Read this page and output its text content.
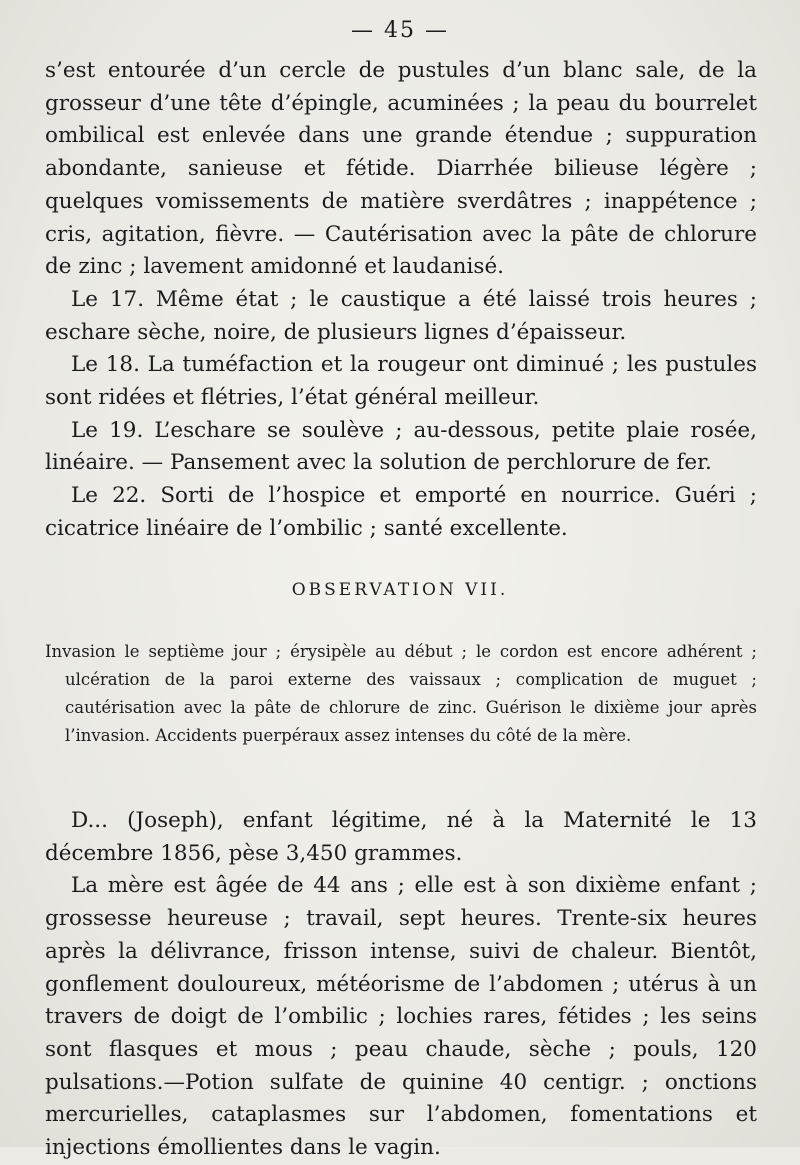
— 45 —

s’est entourée d’un cercle de pustules d’un blanc sale, de la grosseur d’une tête d’épingle, acuminées ; la peau du bourrelet ombilical est enlevée dans une grande étendue ; suppuration abondante, sanieuse et fétide. Diarrhée bilieuse légère ; quelques vomissements de matière sverdâtres ; inappétence ; cris, agitation, fièvre. — Cautérisation avec la pâte de chlorure de zinc ; lavement amidonné et laudanisé.

Le 17. Même état ; le caustique a été laissé trois heures ; eschare sèche, noire, de plusieurs lignes d’épaisseur.

Le 18. La tuméfaction et la rougeur ont diminué ; les pustules sont ridées et flétries, l’état général meilleur.

Le 19. L’eschare se soulève ; au-dessous, petite plaie rosée, linéaire. — Pansement avec la solution de perchlorure de fer.

Le 22. Sorti de l’hospice et emporté en nourrice. Guéri ; cicatrice linéaire de l’ombilic ; santé excellente.

OBSERVATION VII.

Invasion le septième jour ; érysipèle au début ; le cordon est encore adhérent ; ulcération de la paroi externe des vaissaux ; complication de muguet ; cautérisation avec la pâte de chlorure de zinc. Guérison le dixième jour après l’invasion. Accidents puerpéraux assez intenses du côté de la mère.

D... (Joseph), enfant légitime, né à la Maternité le 13 décembre 1856, pèse 3,450 grammes.

La mère est âgée de 44 ans ; elle est à son dixième enfant ; grossesse heureuse ; travail, sept heures. Trente-six heures après la délivrance, frisson intense, suivi de chaleur. Bientôt, gonflement douloureux, météorisme de l’abdomen ; utérus à un travers de doigt de l’ombilic ; lochies rares, fétides ; les seins sont flasques et mous ; peau chaude, sèche ; pouls, 120 pulsations.—Potion sulfate de quinine 40 centigr. ; onctions mercurielles, cataplasmes sur l’abdomen, fomentations et injections émollientes dans le vagin.
